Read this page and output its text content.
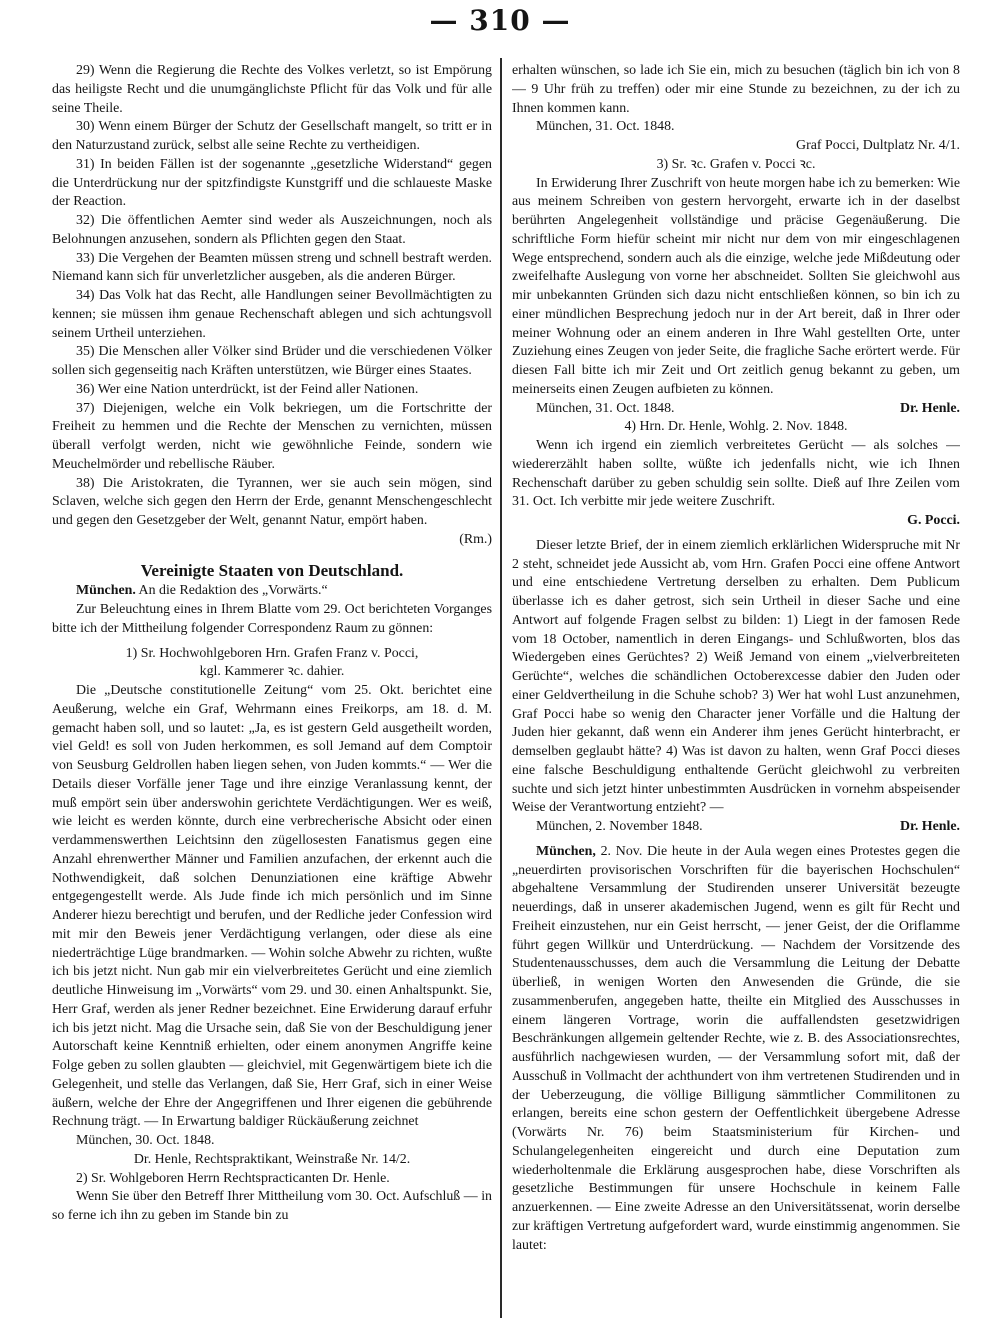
— 310 —

29) Wenn die Regierung die Rechte des Volkes verletzt, so ist Empörung das heiligste Recht und die unumgänglichste Pflicht für das Volk und für alle seine Theile.

30) Wenn einem Bürger der Schutz der Gesellschaft mangelt, so tritt er in den Naturzustand zurück, selbst alle seine Rechte zu vertheidigen.

31) In beiden Fällen ist der sogenannte „gesetzliche Widerstand“ gegen die Unterdrückung nur der spitzfindigste Kunstgriff und die schlaueste Maske der Reaction.

32) Die öffentlichen Aemter sind weder als Auszeichnungen, noch als Belohnungen anzusehen, sondern als Pflichten gegen den Staat.

33) Die Vergehen der Beamten müssen streng und schnell bestraft werden. Niemand kann sich für unverletzlicher ausgeben, als die anderen Bürger.

34) Das Volk hat das Recht, alle Handlungen seiner Bevollmächtigten zu kennen; sie müssen ihm genaue Rechenschaft ablegen und sich achtungsvoll seinem Urtheil unterziehen.

35) Die Menschen aller Völker sind Brüder und die verschiedenen Völker sollen sich gegenseitig nach Kräften unterstützen, wie Bürger eines Staates.

36) Wer eine Nation unterdrückt, ist der Feind aller Nationen.

37) Diejenigen, welche ein Volk bekriegen, um die Fortschritte der Freiheit zu hemmen und die Rechte der Menschen zu vernichten, müssen überall verfolgt werden, nicht wie gewöhnliche Feinde, sondern wie Meuchelmörder und rebellische Räuber.

38) Die Aristokraten, die Tyrannen, wer sie auch sein mögen, sind Sclaven, welche sich gegen den Herrn der Erde, genannt Menschengeschlecht und gegen den Gesetzgeber der Welt, genannt Natur, empört haben.

(Rm.)

Vereinigte Staaten von Deutschland.

München. An die Redaktion des „Vorwärts.“

Zur Beleuchtung eines in Ihrem Blatte vom 29. Oct berichteten Vorganges bitte ich der Mittheilung folgender Correspondenz Raum zu gönnen:

1) Sr. Hochwohlgeboren Hrn. Grafen Franz v. Pocci,

kgl. Kammerer ꝛc. dahier.

Die „Deutsche constitutionelle Zeitung“ vom 25. Okt. berichtet eine Aeußerung, welche ein Graf, Wehrmann eines Freikorps, am 18. d. M. gemacht haben soll, und so lautet: „Ja, es ist gestern Geld ausgetheilt worden, viel Geld! es soll von Juden herkommen, es soll Jemand auf dem Comptoir von Seusburg Geldrollen haben liegen sehen, von Juden kommts.“ — Wer die Details dieser Vorfälle jener Tage und ihre einzige Veranlassung kennt, der muß empört sein über anderswohin gerichtete Verdächtigungen. Wer es weiß, wie leicht es werden könnte, durch eine verbrecherische Absicht oder einen verdammenswerthen Leichtsinn den zügellosesten Fanatismus gegen eine Anzahl ehrenwerther Männer und Familien anzufachen, der erkennt auch die Nothwendigkeit, daß solchen Denunziationen eine kräftige Abwehr entgegengestellt werde. Als Jude finde ich mich persönlich und im Sinne Anderer hiezu berechtigt und berufen, und der Redliche jeder Confession wird mit mir den Beweis jener Verdächtigung verlangen, oder diese als eine niederträchtige Lüge brandmarken. — Wohin solche Abwehr zu richten, wußte ich bis jetzt nicht. Nun gab mir ein vielverbreitetes Gerücht und eine ziemlich deutliche Hinweisung im „Vorwärts“ vom 29. und 30. einen Anhaltspunkt. Sie, Herr Graf, werden als jener Redner bezeichnet. Eine Erwiderung darauf erfuhr ich bis jetzt nicht. Mag die Ursache sein, daß Sie von der Beschuldigung jener Autorschaft keine Kenntniß erhielten, oder einem anonymen Angriffe keine Folge geben zu sollen glaubten — gleichviel, mit Gegenwärtigem biete ich die Gelegenheit, und stelle das Verlangen, daß Sie, Herr Graf, sich in einer Weise äußern, welche der Ehre der Angegriffenen und Ihrer eigenen die gebührende Rechnung trägt. — In Erwartung baldiger Rückäußerung zeichnet

München, 30. Oct. 1848.

Dr. Henle, Rechtspraktikant, Weinstraße Nr. 14/2.

2) Sr. Wohlgeboren Herrn Rechtspracticanten Dr. Henle.

Wenn Sie über den Betreff Ihrer Mittheilung vom 30. Oct. Aufschluß — in so ferne ich ihn zu geben im Stande bin zu

erhalten wünschen, so lade ich Sie ein, mich zu besuchen (täglich bin ich von 8 — 9 Uhr früh zu treffen) oder mir eine Stunde zu bezeichnen, zu der ich zu Ihnen kommen kann.

München, 31. Oct. 1848.

Graf Pocci, Dultplatz Nr. 4/1.

3) Sr. ꝛc. Grafen v. Pocci ꝛc.

In Erwiderung Ihrer Zuschrift von heute morgen habe ich zu bemerken: Wie aus meinem Schreiben von gestern hervorgeht, erwarte ich in der daselbst berührten Angelegenheit vollständige und präcise Gegenäußerung. Die schriftliche Form hiefür scheint mir nicht nur dem von mir eingeschlagenen Wege entsprechend, sondern auch als die einzige, welche jede Mißdeutung oder zweifelhafte Auslegung von vorne her abschneidet. Sollten Sie gleichwohl aus mir unbekannten Gründen sich dazu nicht entschließen können, so bin ich zu einer mündlichen Besprechung jedoch nur in der Art bereit, daß in Ihrer oder meiner Wohnung oder an einem anderen in Ihre Wahl gestellten Orte, unter Zuziehung eines Zeugen von jeder Seite, die fragliche Sache erörtert werde. Für diesen Fall bitte ich mir Zeit und Ort zeitlich genug bekannt zu geben, um meinerseits einen Zeugen aufbieten zu können.

München, 31. Oct. 1848.	Dr. Henle.

4) Hrn. Dr. Henle, Wohlg. 2. Nov. 1848.

Wenn ich irgend ein ziemlich verbreitetes Gerücht — als solches — wiedererzählt haben sollte, wüßte ich jedenfalls nicht, wie ich Ihnen Rechenschaft darüber zu geben schuldig sein sollte. Dieß auf Ihre Zeilen vom 31. Oct. Ich verbitte mir jede weitere Zuschrift.

G. Pocci.

Dieser letzte Brief, der in einem ziemlich erklärlichen Widerspruche mit Nr 2 steht, schneidet jede Aussicht ab, vom Hrn. Grafen Pocci eine offene Antwort und eine entschiedene Vertretung derselben zu erhalten. Dem Publicum überlasse ich es daher getrost, sich sein Urtheil in dieser Sache und eine Antwort auf folgende Fragen selbst zu bilden: 1) Liegt in der famosen Rede vom 18 October, namentlich in deren Eingangs- und Schlußworten, blos das Wiedergeben eines Gerüchtes? 2) Weiß Jemand von einem „vielverbreiteten Gerüchte“, welches die schändlichen Octoberexcesse dabier den Juden oder einer Geldvertheilung in die Schuhe schob? 3) Wer hat wohl Lust anzunehmen, Graf Pocci habe so wenig den Character jener Vorfälle und die Haltung der Juden hier gekannt, daß wenn ein Anderer ihm jenes Gerücht hinterbracht, er demselben geglaubt hätte? 4) Was ist davon zu halten, wenn Graf Pocci dieses eine falsche Beschuldigung enthaltende Gerücht gleichwohl zu verbreiten suchte und sich jetzt hinter unbestimmten Ausdrücken in vornehm abspeisender Weise der Verantwortung entzieht? —

München, 2. November 1848.	Dr. Henle.

München, 2. Nov. Die heute in der Aula wegen eines Protestes gegen die „neuerdirten provisorischen Vorschriften für die bayerischen Hochschulen“ abgehaltene Versammlung der Studirenden unserer Universität bezeugte neuerdings, daß in unserer akademischen Jugend, wenn es gilt für Recht und Freiheit einzustehen, nur ein Geist herrscht, — jener Geist, der die Oriflamme führt gegen Willkür und Unterdrückung. — Nachdem der Vorsitzende des Studentenausschusses, dem auch die Versammlung die Leitung der Debatte überließ, in wenigen Worten den Anwesenden die Gründe, die sie zusammenberufen, angegeben hatte, theilte ein Mitglied des Ausschusses in einem längeren Vortrage, worin die auffallendsten gesetzwidrigen Beschränkungen allgemein geltender Rechte, wie z. B. des Associationsrechtes, ausführlich nachgewiesen wurden, — der Versammlung sofort mit, daß der Ausschuß in Vollmacht der achthundert von ihm vertretenen Studirenden und in der Ueberzeugung, die völlige Billigung sämmtlicher Commilitonen zu erlangen, bereits eine schon gestern der Oeffentlichkeit übergebene Adresse (Vorwärts Nr. 76) beim Staatsministerium für Kirchen- und Schulangelegenheiten eingereicht und durch eine Deputation zum wiederholtenmale die Erklärung ausgesprochen habe, diese Vorschriften als gesetzliche Bestimmungen für unsere Hochschule in keinem Falle anzuerkennen. — Eine zweite Adresse an den Universitätssenat, worin derselbe zur kräftigen Vertretung aufgefordert ward, wurde einstimmig angenommen. Sie lautet:
